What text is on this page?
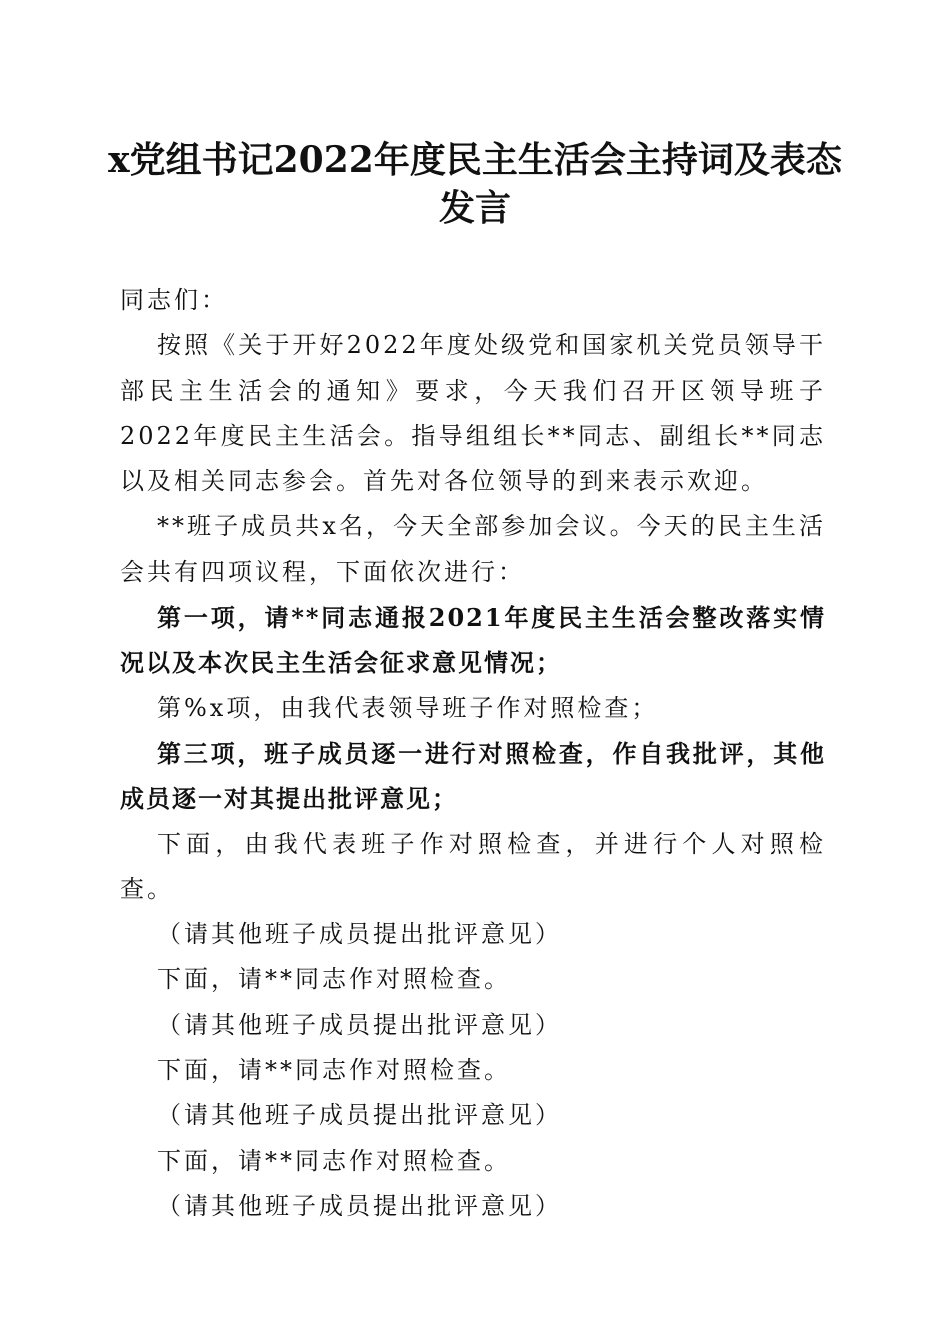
x党组书记2022年度民主生活会主持词及表态发言

同志们：

按照《关于开好2022年度处级党和国家机关党员领导干部民主生活会的通知》要求，今天我们召开区领导班子2022年度民主生活会。指导组组长**同志、副组长**同志以及相关同志参会。首先对各位领导的到来表示欢迎。

**班子成员共x名，今天全部参加会议。今天的民主生活会共有四项议程，下面依次进行：

第一项，请**同志通报2021年度民主生活会整改落实情况以及本次民主生活会征求意见情况；

第%x项，由我代表领导班子作对照检查；

第三项，班子成员逐一进行对照检查，作自我批评，其他成员逐一对其提出批评意见；

下面，由我代表班子作对照检查，并进行个人对照检查。

（请其他班子成员提出批评意见）

下面，请**同志作对照检查。

（请其他班子成员提出批评意见）

下面，请**同志作对照检查。

（请其他班子成员提出批评意见）

下面，请**同志作对照检查。

（请其他班子成员提出批评意见）
